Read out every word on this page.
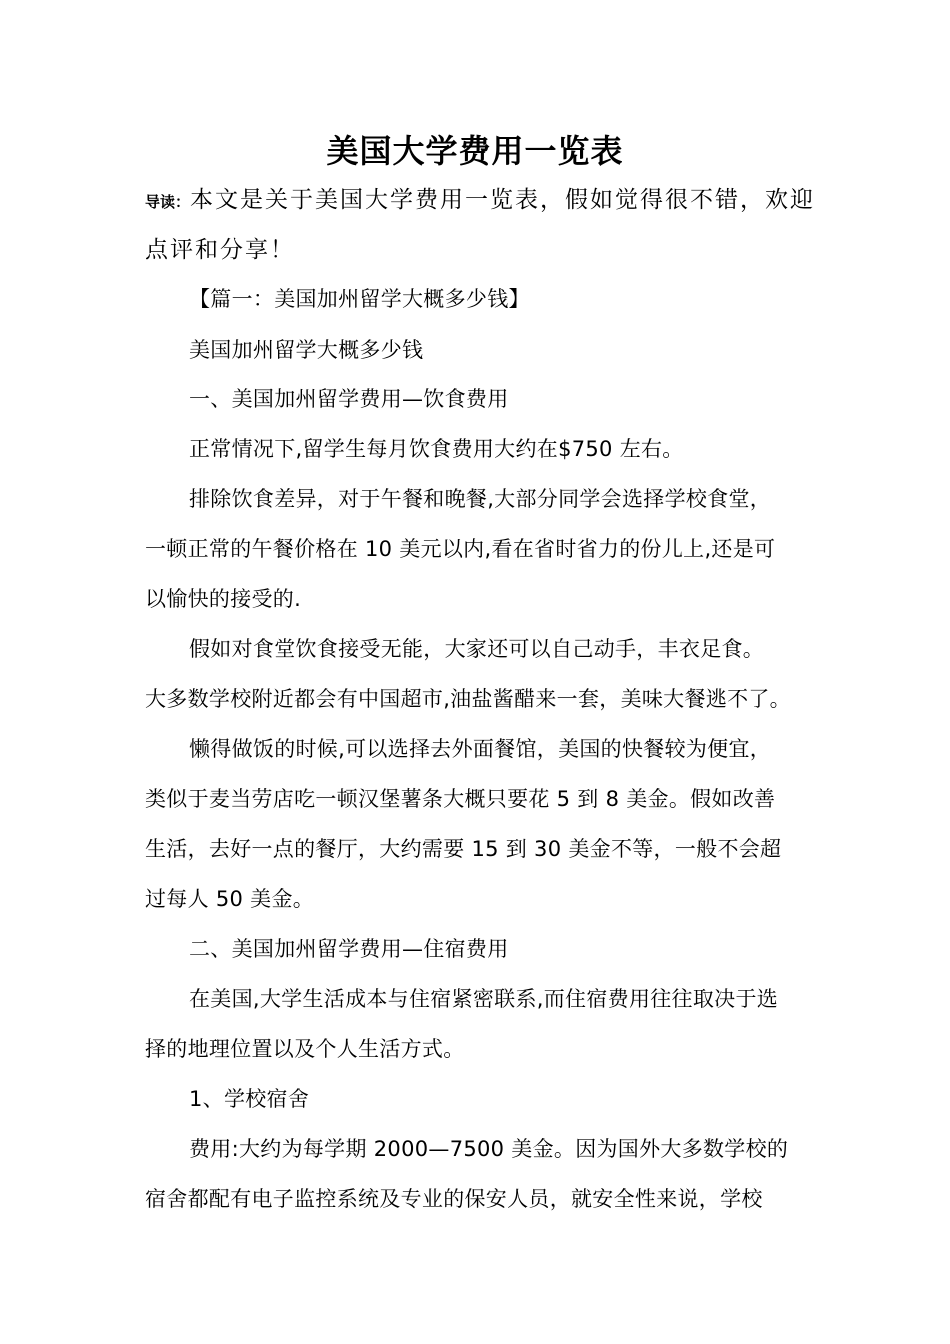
美国大学费用一览表
导读：本文是关于美国大学费用一览表，假如觉得很不错，欢迎点评和分享！
【篇一：美国加州留学大概多少钱】
美国加州留学大概多少钱
一、美国加州留学费用—饮食费用
正常情况下,留学生每月饮食费用大约在$750 左右。
排除饮食差异，对于午餐和晚餐,大部分同学会选择学校食堂，
一顿正常的午餐价格在 10 美元以内,看在省时省力的份儿上,还是可
以愉快的接受的.
假如对食堂饮食接受无能，大家还可以自己动手，丰衣足食。
大多数学校附近都会有中国超市,油盐酱醋来一套，美味大餐逃不了。
懒得做饭的时候,可以选择去外面餐馆，美国的快餐较为便宜，
类似于麦当劳店吃一顿汉堡薯条大概只要花 5 到 8 美金。假如改善
生活，去好一点的餐厅，大约需要 15 到 30 美金不等，一般不会超
过每人 50 美金。
二、美国加州留学费用—住宿费用
在美国,大学生活成本与住宿紧密联系,而住宿费用往往取决于选
择的地理位置以及个人生活方式。
1、学校宿舍
费用:大约为每学期 2000—7500 美金。因为国外大多数学校的
宿舍都配有电子监控系统及专业的保安人员，就安全性来说，学校
